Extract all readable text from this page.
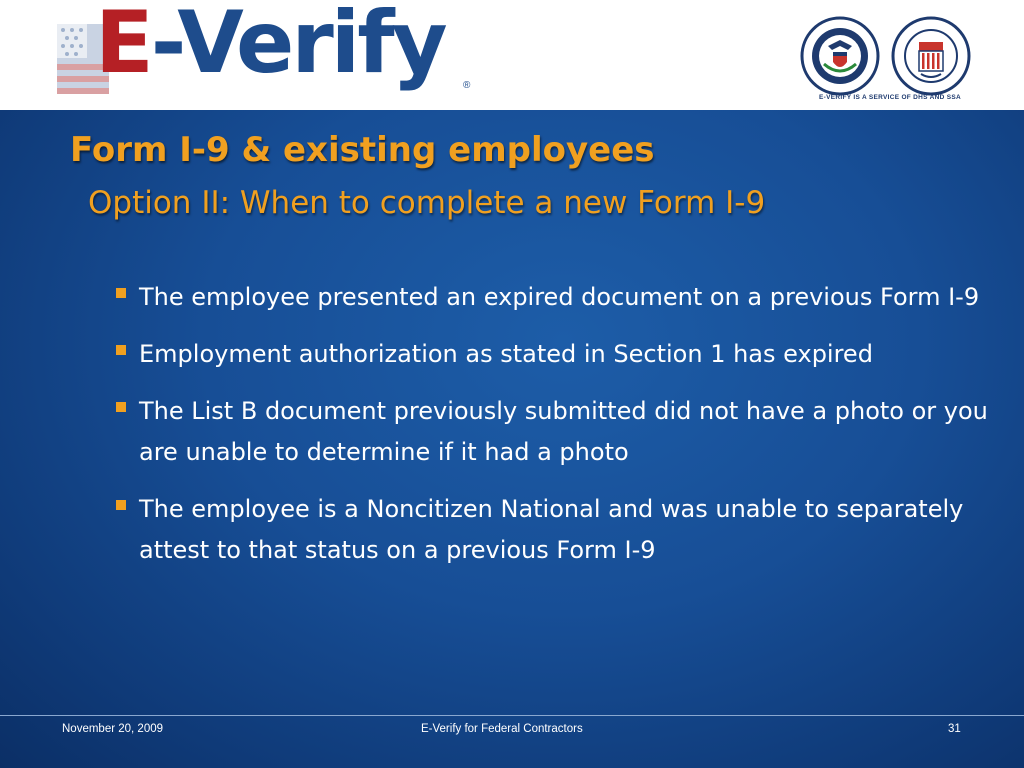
E-Verify ®
E-VERIFY IS A SERVICE OF DHS AND SSA
Form I-9 & existing employees
Option II: When to complete a new Form I-9
The employee presented an expired document on a previous Form I-9
Employment authorization as stated in Section 1 has expired
The List B document previously submitted did not have a photo or you are unable to determine if it had a photo
The employee is a Noncitizen National and was unable to separately attest to that status on a previous Form I-9
November 20, 2009	E-Verify for Federal Contractors	31
